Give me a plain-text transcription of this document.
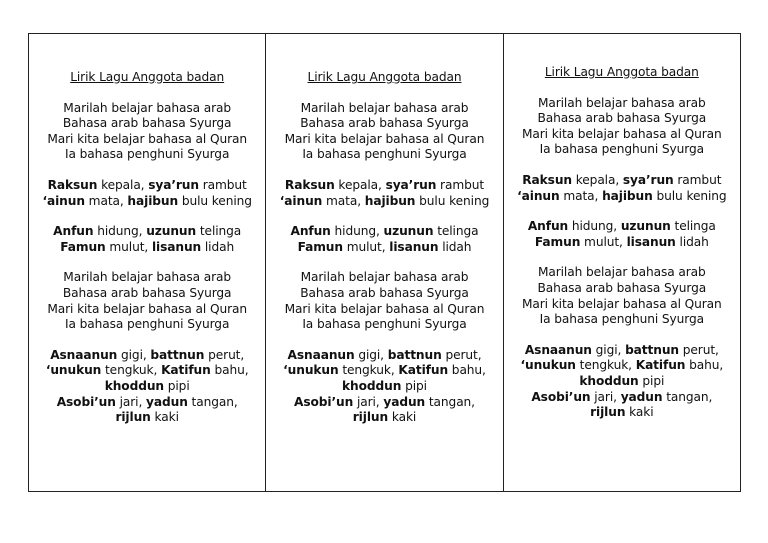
Lirik Lagu Anggota badan
Marilah belajar bahasa arab
Bahasa arab bahasa Syurga
Mari kita belajar bahasa al Quran
Ia bahasa penghuni Syurga
Raksun kepala, sya’run rambut
‘ainun mata, hajibun bulu kening
Anfun hidung, uzunun telinga
Famun mulut, lisanun lidah
Marilah belajar bahasa arab
Bahasa arab bahasa Syurga
Mari kita belajar bahasa al Quran
Ia bahasa penghuni Syurga
Asnaanun gigi, battnun perut,
‘unukun tengkuk, Katifun bahu,
khoddun pipi
Asobi’un jari, yadun tangan, rijlun kaki
Lirik Lagu Anggota badan
Marilah belajar bahasa arab
Bahasa arab bahasa Syurga
Mari kita belajar bahasa al Quran
Ia bahasa penghuni Syurga
Raksun kepala, sya’run rambut
‘ainun mata, hajibun bulu kening
Anfun hidung, uzunun telinga
Famun mulut, lisanun lidah
Marilah belajar bahasa arab
Bahasa arab bahasa Syurga
Mari kita belajar bahasa al Quran
Ia bahasa penghuni Syurga
Asnaanun gigi, battnun perut,
‘unukun tengkuk, Katifun bahu,
khoddun pipi
Asobi’un jari, yadun tangan, rijlun kaki
Lirik Lagu Anggota badan
Marilah belajar bahasa arab
Bahasa arab bahasa Syurga
Mari kita belajar bahasa al Quran
Ia bahasa penghuni Syurga
Raksun kepala, sya’run rambut
‘ainun mata, hajibun bulu kening
Anfun hidung, uzunun telinga
Famun mulut, lisanun lidah
Marilah belajar bahasa arab
Bahasa arab bahasa Syurga
Mari kita belajar bahasa al Quran
Ia bahasa penghuni Syurga
Asnaanun gigi, battnun perut,
‘unukun tengkuk, Katifun bahu,
khoddun pipi
Asobi’un jari, yadun tangan, rijlun kaki
